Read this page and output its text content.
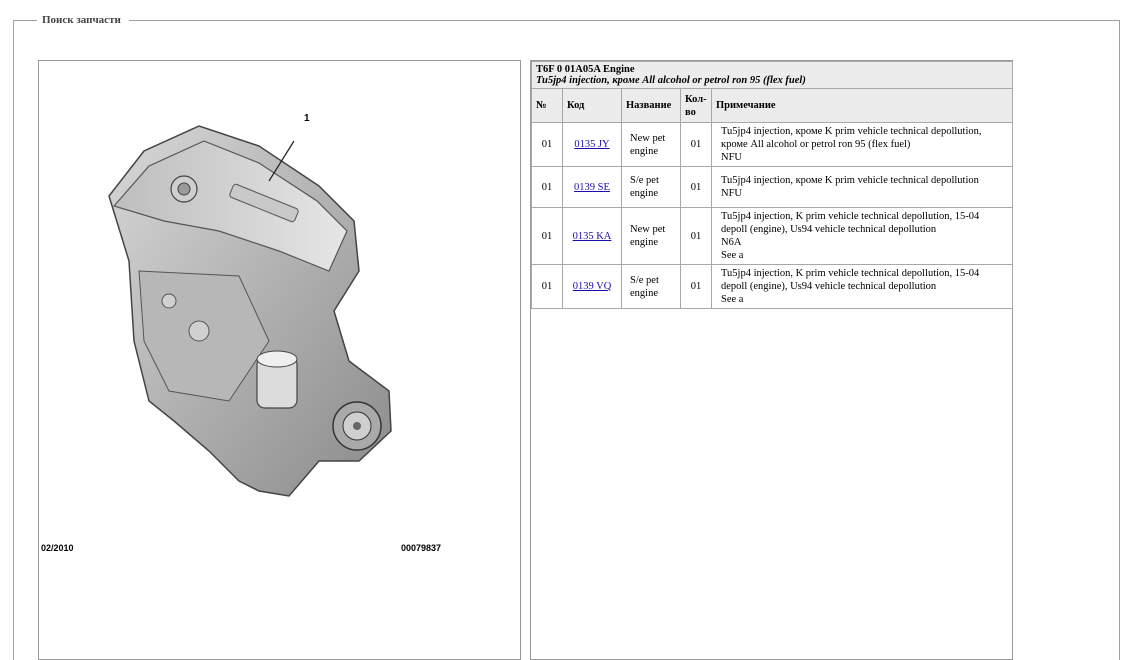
Поиск запчасти
1
02/2010	00079837
T6F 0 01A05A Engine
Tu5jp4 injection, кроме All alcohol or petrol ron 95 (flex fuel)				

№	Код	Название	Кол-во	Примечание
01	0135 JY	New pet engine	01	Tu5jp4 injection, кроме K prim vehicle technical depollution, кроме All alcohol or petrol ron 95 (flex fuel)
NFU

01	0139 SE	S/e pet engine	01	Tu5jp4 injection, кроме K prim vehicle technical depollution
NFU

01	0135 KA	New pet engine	01	Tu5jp4 injection, K prim vehicle technical depollution, 15-04 depoll (engine), Us94 vehicle technical depollution
N6A
See a

01	0139 VQ	S/e pet engine	01	Tu5jp4 injection, K prim vehicle technical depollution, 15-04 depoll (engine), Us94 vehicle technical depollution
See a
